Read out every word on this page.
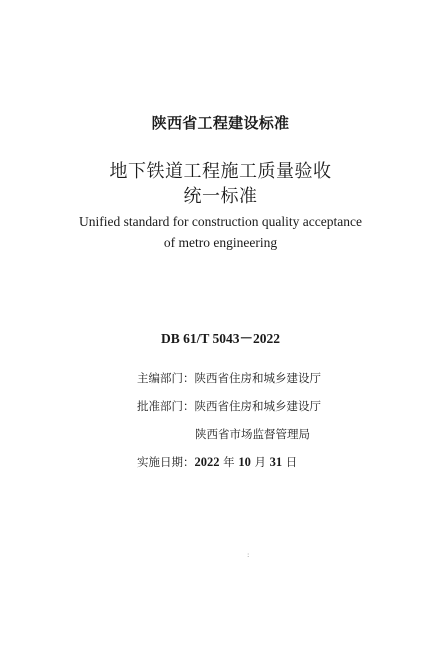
陕西省工程建设标准
地下铁道工程施工质量验收
统一标准
Unified standard for construction quality acceptance
of metro engineering
DB 61/T 5043－2022
主编部门：陕西省住房和城乡建设厅
批准部门：陕西省住房和城乡建设厅
陕西省市场监督管理局
实施日期：2022 年 10 月 31 日
:
